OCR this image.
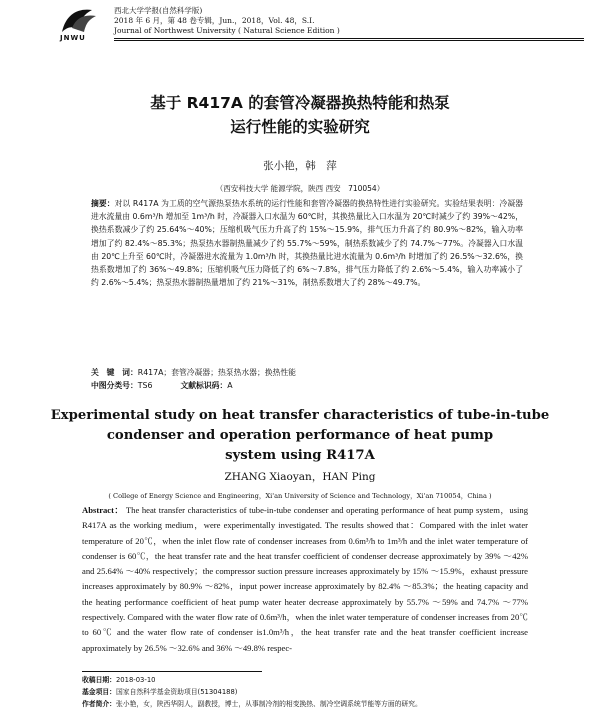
JNWU
西北大学学报(自然科学版)
2018 年 6 月，第 48 卷专辑，Jun.，2018，Vol. 48，S.I.
Journal of Northwest University ( Natural Science Edition )
基于 R417A 的套管冷凝器换热特能和热泵
运行性能的实验研究
张小艳，韩　萍
（西安科技大学 能源学院，陕西 西安　710054）
摘要：对以 R417A 为工质的空气源热泵热水系统的运行性能和套管冷凝器的换热特性进行实验研究。实验结果表明：冷凝器进水流量由 0.6m³/h 增加至 1m³/h 时，冷凝器入口水温为 60℃时，其换热量比入口水温为 20℃时减少了约 39%～42%，换热系数减少了约 25.64%～40%；压缩机吸气压力升高了约 15%～15.9%，排气压力升高了约 80.9%～82%，输入功率增加了约 82.4%～85.3%；热泵热水器制热量减少了约 55.7%～59%，制热系数减少了约 74.7%～77%。冷凝器入口水温由 20℃上升至 60℃时，冷凝器进水流量为 1.0m³/h 时，其换热量比进水流量为 0.6m³/h 时增加了约 26.5%～32.6%，换热系数增加了约 36%～49.8%；压缩机吸气压力降低了约 6%～7.8%，排气压力降低了约 2.6%～5.4%，输入功率减小了约 2.6%～5.4%；热泵热水器制热量增加了约 21%～31%，制热系数增大了约 28%～49.7%。
关　键　词：R417A；套管冷凝器；热泵热水器；换热性能
中图分类号：TS6	文献标识码：A
Experimental study on heat transfer characteristics of tube-in-tube
condenser and operation performance of heat pump
system using R417A
ZHANG Xiaoyan，HAN Ping
( College of Energy Science and Engineering，Xi'an University of Science and Technology，Xi'an 710054，China )
Abstract： The heat transfer characteristics of tube-in-tube condenser and operating performance of heat pump system，using R417A as the working medium，were experimentally investigated. The results showed that：Compared with the inlet water temperature of 20℃，when the inlet flow rate of condenser increases from 0.6m³/h to 1m³/h and the inlet water temperature of condenser is 60℃，the heat transfer rate and the heat transfer coefficient of condenser decrease approximately by 39% ～42% and 25.64% ～40% respectively；the compressor suction pressure increases approximately by 15% ～15.9%，exhaust pressure increases approximately by 80.9% ～82%，input power increase approximately by 82.4% ～85.3%；the heating capacity and the heating performance coefficient of heat pump water heater decrease approximately by 55.7% ～59% and 74.7% ～77% respectively. Compared with the water flow rate of 0.6m³/h，when the inlet water temperature of condenser increases from 20℃ to 60℃ and the water flow rate of condenser is1.0m³/h，the heat transfer rate and the heat transfer coefficient increase approximately by 26.5% ～32.6% and 36% ～49.8% respec-
收稿日期：2018-03-10
基金项目：国家自然科学基金资助项目(51304188)
作者简介：张小艳，女，陕西华阴人，副教授，博士，从事制冷剂的相变换热、制冷空调系统节能等方面的研究。
